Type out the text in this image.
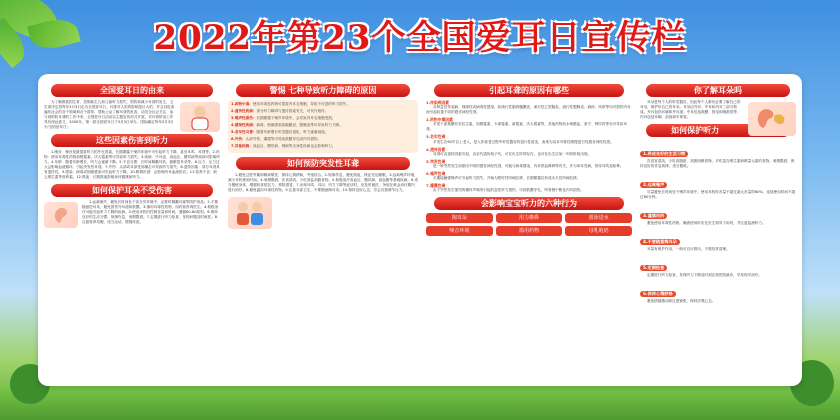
2022年第23个全国爱耳日宣传栏
全国爱耳日的由来
为了确保我国生育、控制新生儿和儿童听力损失，预防和减少耳聋的发生，卫生部决定将每年3月3日定为全国爱耳日。耳聋对人类的影响是巨大的，并且其危害遍布社会的各个领域和各个群体，帮助公众了解耳聋的危害，动员全社会关注、参与到预防耳聋的工作中来，全国爱耳日活动以主题宣传形式开展，对耳聋防治工作具有深远意义，2000年，第一届全国爱耳日于3月3日举办，国际确定每年3月3日为'全国爱耳日'。
这些因素伤害到听力
1.噪音：噪音是最损害听力的外在因素，长期暴露于噪声环境中可引起听力下降，甚至耳鸣、耳聋等。2.药物：使用耳毒性药物如链霉素、庆大霉素等可导致听力损失。3.疾病：中耳炎、高血压、糖尿病等疾病可影响听力。4.年龄：随着年龄增长，听力会逐渐下降。5.不良习惯：长时间佩戴耳机、频繁挖耳朵等。6.压力：压力过大会影响血液循环，引起突发性耳聋。7.外伤：头部或耳部受到撞击可导致听力损失。8.遗传因素：部分耳聋具有遗传性。9.感染：病毒或细菌感染可引起听力下降。10.吸烟饮酒：会影响内耳血液供应。11.营养不良：缺乏维生素等营养素。12.熬夜：长期熬夜影响身体健康和听力。
如何保护耳朵不受伤害
1.远离噪声，避免长时间处于高分贝环境中，必要时佩戴耳塞等防护用品。2.不要随意挖耳朵，避免损伤外耳道和鼓膜。3.慎用耳毒性药物，用药前咨询医生。4.积极治疗可能引起听力下降的疾病。5.使用耳机时控制音量和时间，遵循60-60原则。6.保持良好的生活习惯，规律作息，戒烟限酒。7.定期进行听力检查，发现问题及时就医。8.注意营养均衡，适当运动，增强体质。
警惕 七种导致听力障碍的原因
1.药物中毒：使用耳毒性药物可损害内耳毛细胞，导致不可逆的听力损失。
2.遗传性疾病：部分听力障碍与遗传因素有关，可代代相传。
3.噪声性损伤：长期暴露于噪声环境中，会导致内耳毛细胞受损。
4.感染性疾病：病毒、细菌感染如脑膜炎、腮腺炎等可导致听力下降。
5.老年性耳聋：随着年龄增长听觉器官退化，听力逐渐减退。
6.外伤：头部外伤、爆震等可导致鼓膜穿孔或内耳损伤。
7.其他疾病：高血压、糖尿病、肾病等全身性疾病也会影响听力。
如何预防突发性耳聋
1.避免过度劳累和精神紧张，保持心情舒畅，劳逸结合。2.规律作息，避免熬夜，保证充足睡眠。3.远离噪声环境，减少耳机使用时间。4.戒烟限酒，饮食清淡，少吃高盐高脂食物。5.积极治疗高血压、糖尿病、高血脂等基础疾病。6.适当锻炼身体，增强机体抵抗力，预防感冒。7.出现耳鸣、耳闷、听力下降等症状时，应及时就医，争取在黄金治疗期内进行治疗。8.避免滥用耳毒性药物。9.注意耳部卫生，不要随意掏耳朵。10.保持良好心态，学会自我调节压力。
引起耳聋的原因有哪些
1.传染病因素
各种急性传染病、细菌性或病毒性感染，如流行性脑脊髓膜炎、流行性乙型脑炎、流行性腮腺炎、麻疹、风疹等均可损伤内耳而引起轻重不同的感音神经性聋。
2.药物中毒因素
多见于氨基糖苷类抗生素，如链霉素、卡那霉素、新霉素、庆大霉素等，其他药物如水杨酸盐、奎宁、利尿药等亦可导致耳聋。
3.老年性聋
多发生在60岁以上老人，是人体衰老过程中听觉器官的退行性改变，表现为双耳对称性缓慢进行性感音神经性聋。
4.遗传因素
耳聋可由遗传因素引起，由亲代遗传给子代，可在出生时即存在，也可在出生后某一年龄阶段出现。
5.突发性聋
是一种突然发生而原因不明的感音神经性聋，可能与病毒感染、内耳供血障碍等有关，多为单耳发病，常伴耳鸣及眩晕。
6.噪声性聋
长期接触强噪声可引起听力损失，开始为暂时性听阈位移，长期暴露后形成永久性听阈位移。
7.爆震性聋
由于突然发生强烈的爆炸声响所引起的急性听力损伤，可致鼓膜穿孔、听骨链中断及内耳损伤。
会影响宝宝听力的六种行为
掏耳朵	用力擤鼻	游泳进水
噪音环境	滥用药物	母乳呛奶
你了解耳朵吗
耳朵是每个人的听觉器官，因此每个人都有必要了解自己的耳朵，保护好自己的耳朵。耳朵由外耳、中耳和内耳三部分构成。外耳包括耳廓和外耳道；中耳包括鼓膜、鼓室和咽鼓管等；内耳包括耳蜗、前庭和半规管。
如何保护听力
1.养成良好的生活习惯
饮食宜清淡，少吃高脂肪、高胆固醇食物，多吃富含维生素和微量元素的食物。戒烟限酒，保持良好的作息规律，适当锻炼。
2.远离噪声
尽量避免长时间处于噪声环境中，使用耳机时音量不超过最大音量的60%，连续使用时间不超过60分钟。
3.谨慎用药
避免使用耳毒性药物，确需使用时应在医生指导下用药，并注意监测听力。
4.不要随意掏耳朵
耳屎有保护作用，一般可自行排出，不需经常清理。
5.定期检查
定期进行听力检查，发现听力下降及时到正规医院就诊，早发现早治疗。
6.保持心情舒畅
避免情绪激动和过度紧张，保持乐观心态。
